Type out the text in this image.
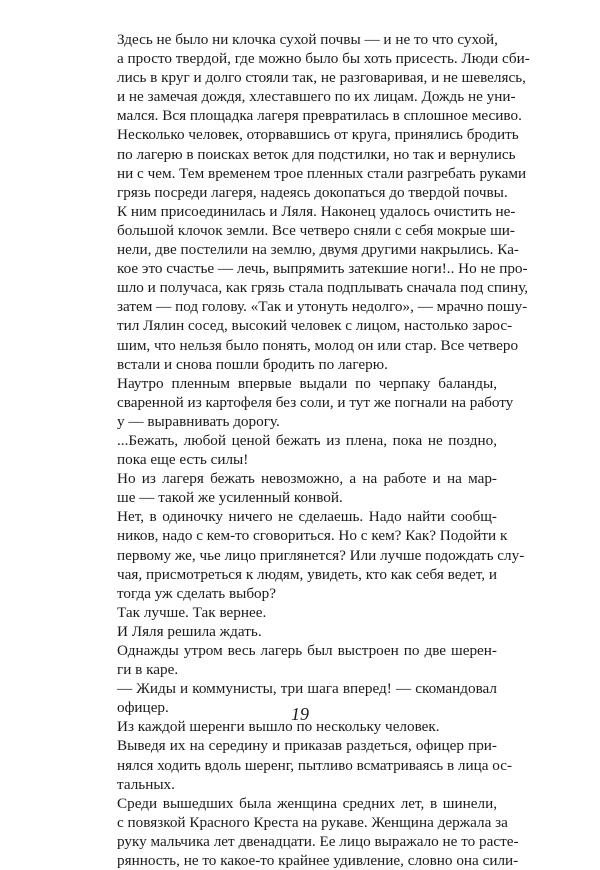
Здесь не было ни клочка сухой почвы — и не то что сухой,
а просто твердой, где можно было бы хоть присесть. Люди сби-
лись в круг и долго стояли так, не разговаривая, и не шевелясь,
и не замечая дождя, хлеставшего по их лицам. Дождь не уни-
мался. Вся площадка лагеря превратилась в сплошное месиво.
Несколько человек, оторвавшись от круга, принялись бродить
по лагерю в поисках веток для подстилки, но так и вернулись
ни с чем. Тем временем трое пленных стали разгребать руками
грязь посреди лагеря, надеясь докопаться до твердой почвы.
К ним присоединилась и Ляля. Наконец удалось очистить не-
большой клочок земли. Все четверо сняли с себя мокрые ши-
нели, две постелили на землю, двумя другими накрылись. Ка-
кое это счастье — лечь, выпрямить затекшие ноги!.. Но не про-
шло и получаса, как грязь стала подплывать сначала под спину,
затем — под голову. «Так и утонуть недолго», — мрачно пошу-
тил Лялин сосед, высокий человек с лицом, настолько зарос-
шим, что нельзя было понять, молод он или стар. Все четверо
встали и снова пошли бродить по лагерю.
Наутро пленным впервые выдали по черпаку баланды,
сваренной из картофеля без соли, и тут же погнали на работу
у — выравнивать дорогу.
...Бежать, любой ценой бежать из плена, пока не поздно,
пока еще есть силы!
Но из лагеря бежать невозможно, а на работе и на мар-
ше — такой же усиленный конвой.
Нет, в одиночку ничего не сделаешь. Надо найти сообщ-
ников, надо с кем-то сговориться. Но с кем? Как? Подойти к
первому же, чье лицо приглянется? Или лучше подождать слу-
чая, присмотреться к людям, увидеть, кто как себя ведет, и
тогда уж сделать выбор?
Так лучше. Так вернее.
И Ляля решила ждать.
Однажды утром весь лагерь был выстроен по две шерен-
ги в каре.
— Жиды и коммунисты, три шага вперед! — скомандовал
офицер.
Из каждой шеренги вышло по нескольку человек.
Выведя их на середину и приказав раздеться, офицер при-
нялся ходить вдоль шеренг, пытливо всматриваясь в лица ос-
тальных.
Среди вышедших была женщина средних лет, в шинели,
с повязкой Красного Креста на рукаве. Женщина держала за
руку мальчика лет двенадцати. Ее лицо выражало не то расте-
рянность, не то какое-то крайнее удивление, словно она сили-
19
